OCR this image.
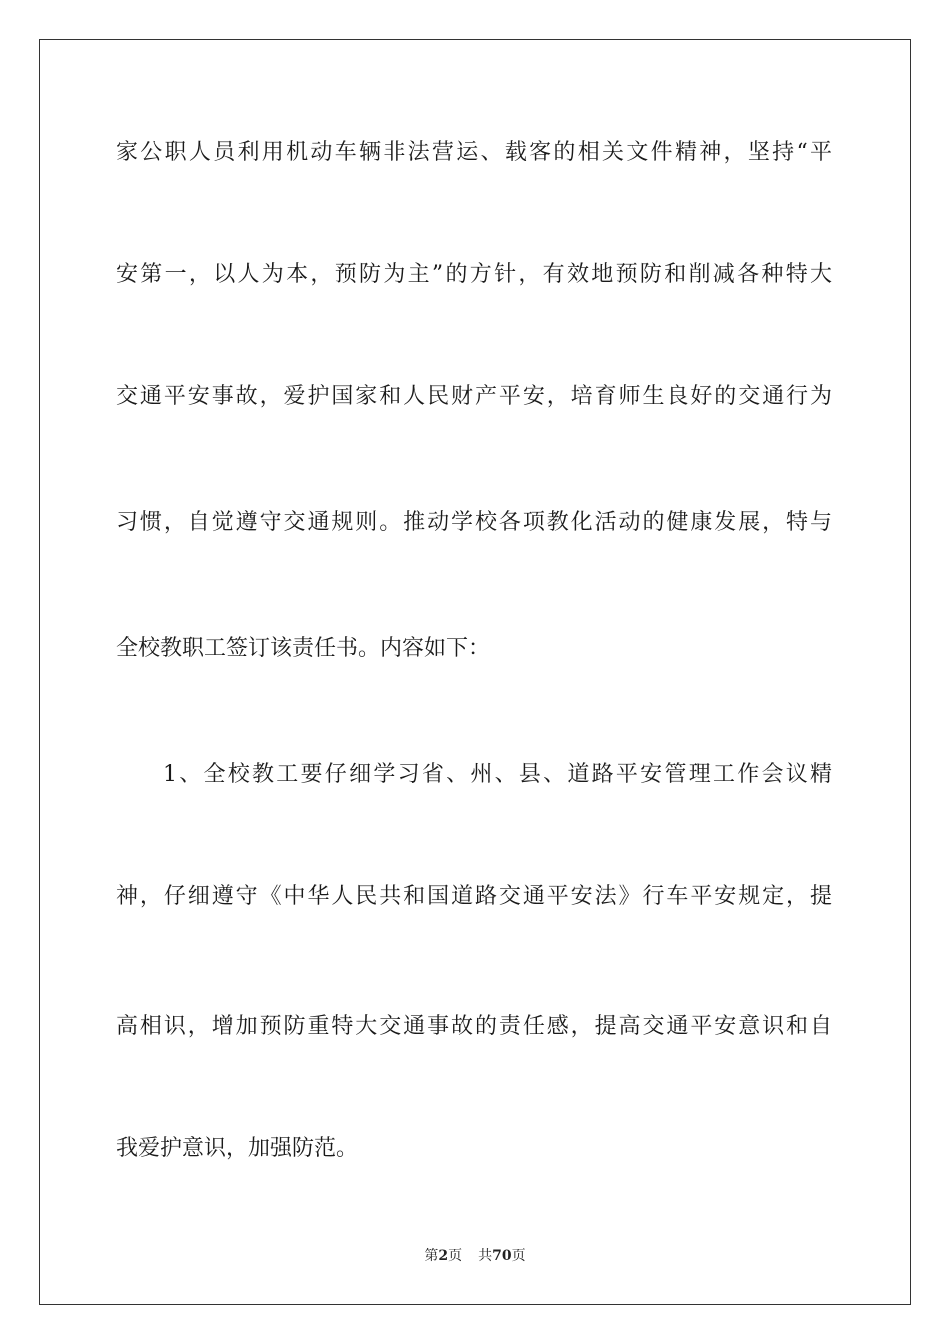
家公职人员利用机动车辆非法营运、载客的相关文件精神，坚持“平
安第一，以人为本，预防为主”的方针，有效地预防和削减各种特大
交通平安事故，爱护国家和人民财产平安，培育师生良好的交通行为
习惯，自觉遵守交通规则。推动学校各项教化活动的健康发展，特与
全校教职工签订该责任书。内容如下：
1、全校教工要仔细学习省、州、县、道路平安管理工作会议精
神，仔细遵守《中华人民共和国道路交通平安法》行车平安规定，提
高相识，增加预防重特大交通事故的责任感，提高交通平安意识和自
我爱护意识，加强防范。
第2页 共70页
